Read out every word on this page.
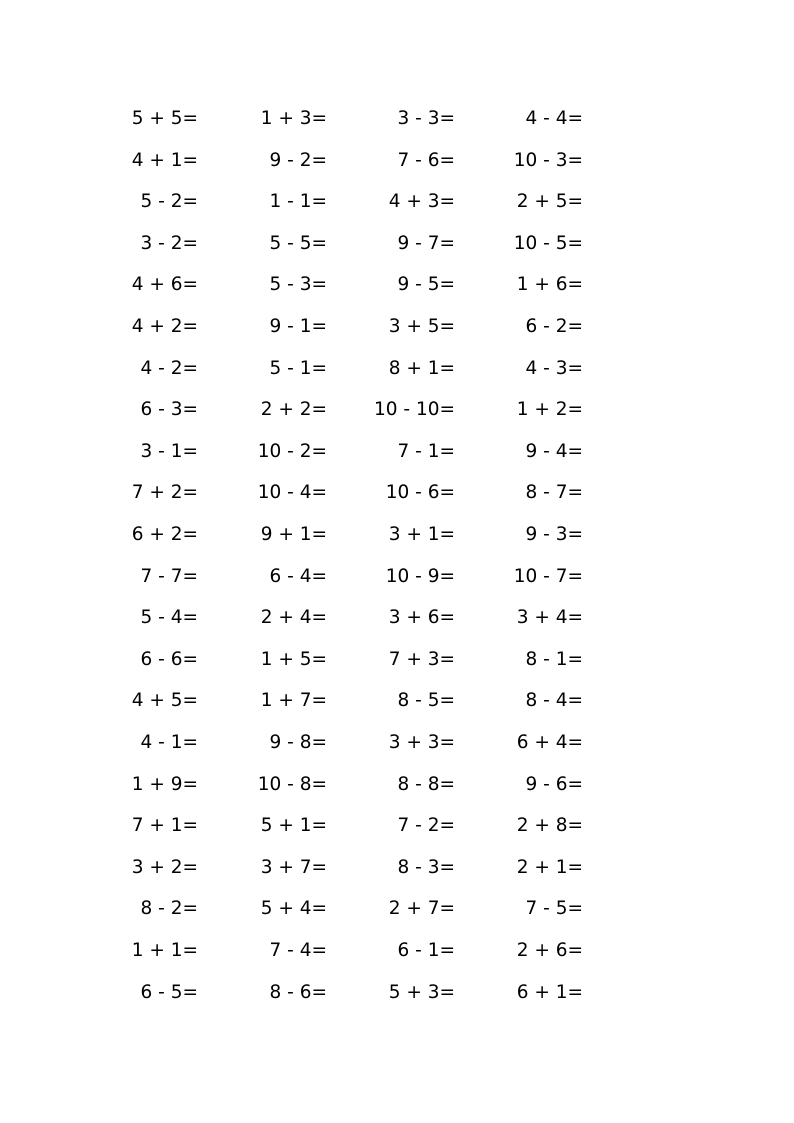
5 + 5=	1 + 3=	3 - 3=	4 - 4=
4 + 1=	9 - 2=	7 - 6=	10 - 3=
5 - 2=	1 - 1=	4 + 3=	2 + 5=
3 - 2=	5 - 5=	9 - 7=	10 - 5=
4 + 6=	5 - 3=	9 - 5=	1 + 6=
4 + 2=	9 - 1=	3 + 5=	6 - 2=
4 - 2=	5 - 1=	8 + 1=	4 - 3=
6 - 3=	2 + 2=	10 - 10=	1 + 2=
3 - 1=	10 - 2=	7 - 1=	9 - 4=
7 + 2=	10 - 4=	10 - 6=	8 - 7=
6 + 2=	9 + 1=	3 + 1=	9 - 3=
7 - 7=	6 - 4=	10 - 9=	10 - 7=
5 - 4=	2 + 4=	3 + 6=	3 + 4=
6 - 6=	1 + 5=	7 + 3=	8 - 1=
4 + 5=	1 + 7=	8 - 5=	8 - 4=
4 - 1=	9 - 8=	3 + 3=	6 + 4=
1 + 9=	10 - 8=	8 - 8=	9 - 6=
7 + 1=	5 + 1=	7 - 2=	2 + 8=
3 + 2=	3 + 7=	8 - 3=	2 + 1=
8 - 2=	5 + 4=	2 + 7=	7 - 5=
1 + 1=	7 - 4=	6 - 1=	2 + 6=
6 - 5=	8 - 6=	5 + 3=	6 + 1=
